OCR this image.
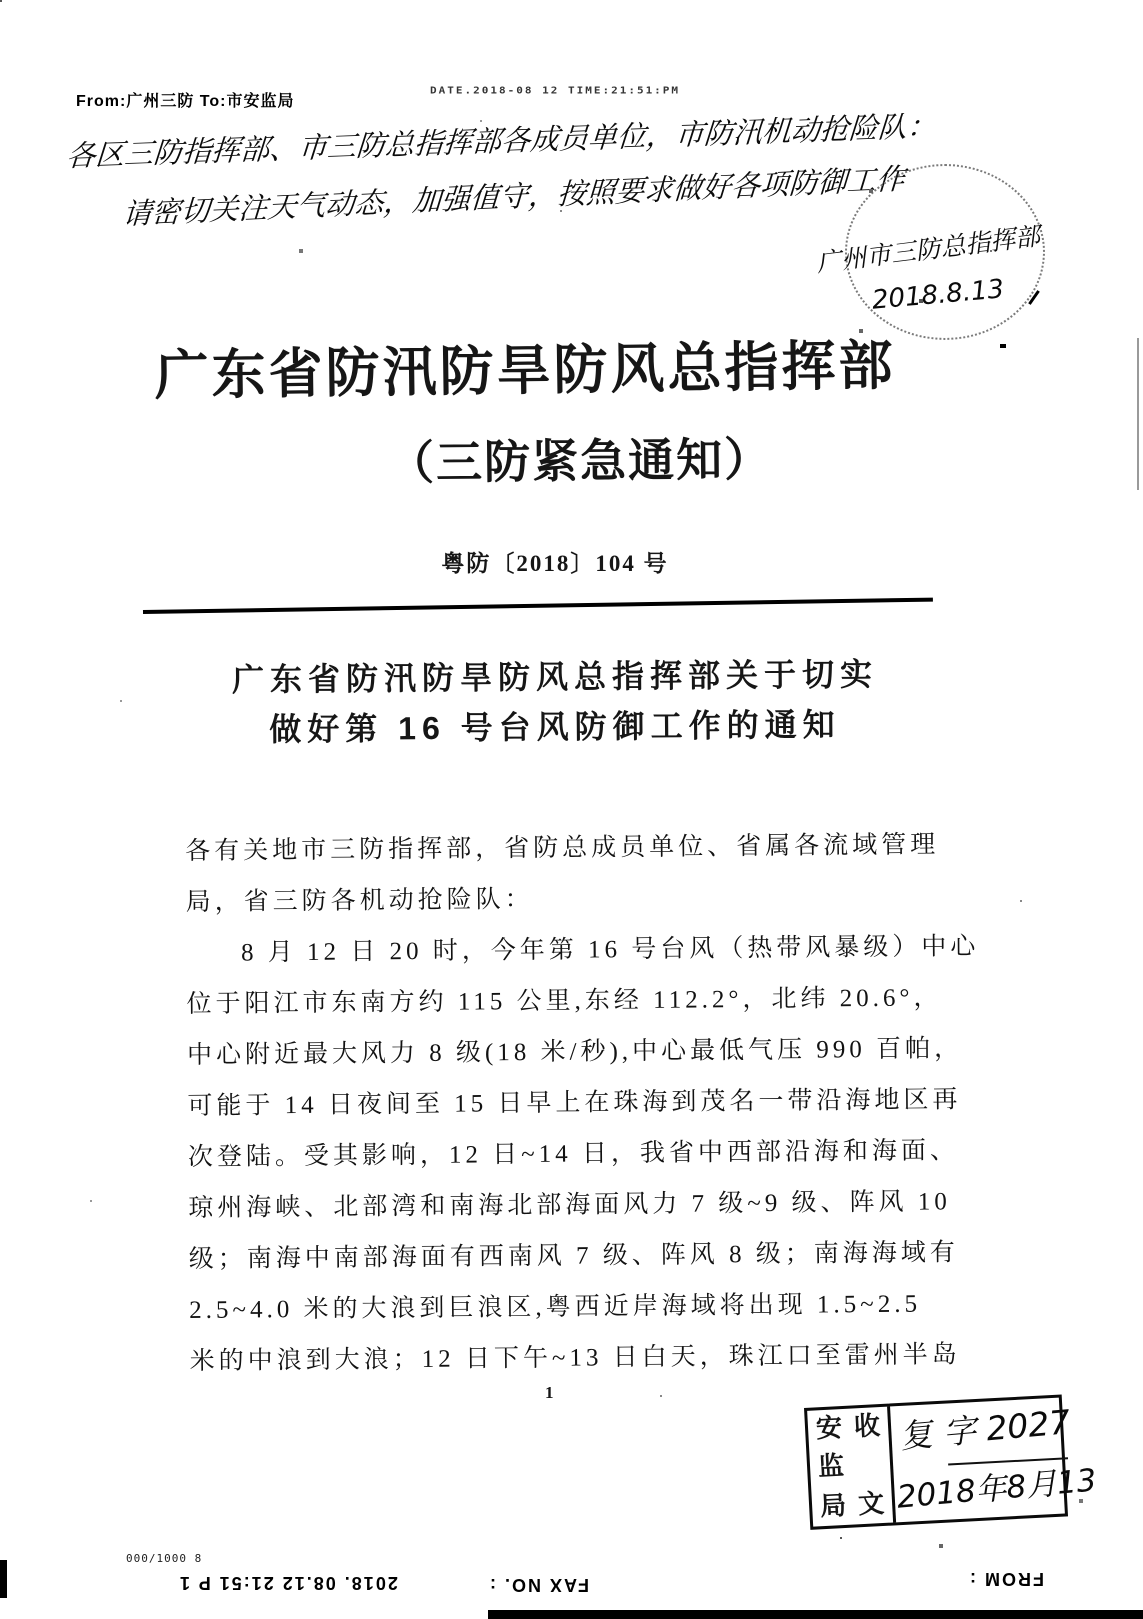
From:广州三防 To:市安监局
DATE.2018-08 12 TIME:21:51:PM
各区三防指挥部、市三防总指挥部各成员单位，市防汛机动抢险队：
请密切关注天气动态，加强值守，按照要求做好各项防御工作
广州市三防总指挥部
2018.8.13
广东省防汛防旱防风总指挥部
（三防紧急通知）
粤防〔2018〕104 号
广东省防汛防旱防风总指挥部关于切实
做好第 16 号台风防御工作的通知
各有关地市三防指挥部，省防总成员单位、省属各流域管理
局，省三防各机动抢险队：
8 月 12 日 20 时，今年第 16 号台风（热带风暴级）中心
位于阳江市东南方约 115 公里,东经 112.2°，北纬 20.6°，
中心附近最大风力 8 级(18 米/秒),中心最低气压 990 百帕，
可能于 14 日夜间至 15 日早上在珠海到茂名一带沿海地区再
次登陆。受其影响，12 日~14 日，我省中西部沿海和海面、
琼州海峡、北部湾和南海北部海面风力 7 级~9 级、阵风 10
级；南海中南部海面有西南风 7 级、阵风 8 级；南海海域有
2.5~4.0 米的大浪到巨浪区,粤西近岸海域将出现 1.5~2.5
米的中浪到大浪；12 日下午~13 日白天，珠江口至雷州半岛
1
安
监
局
收
文
复 字 2027
2018年8月13
000/1000 8
2018. 08.12 21:51 P 1	FAX NO. :	FROM :
